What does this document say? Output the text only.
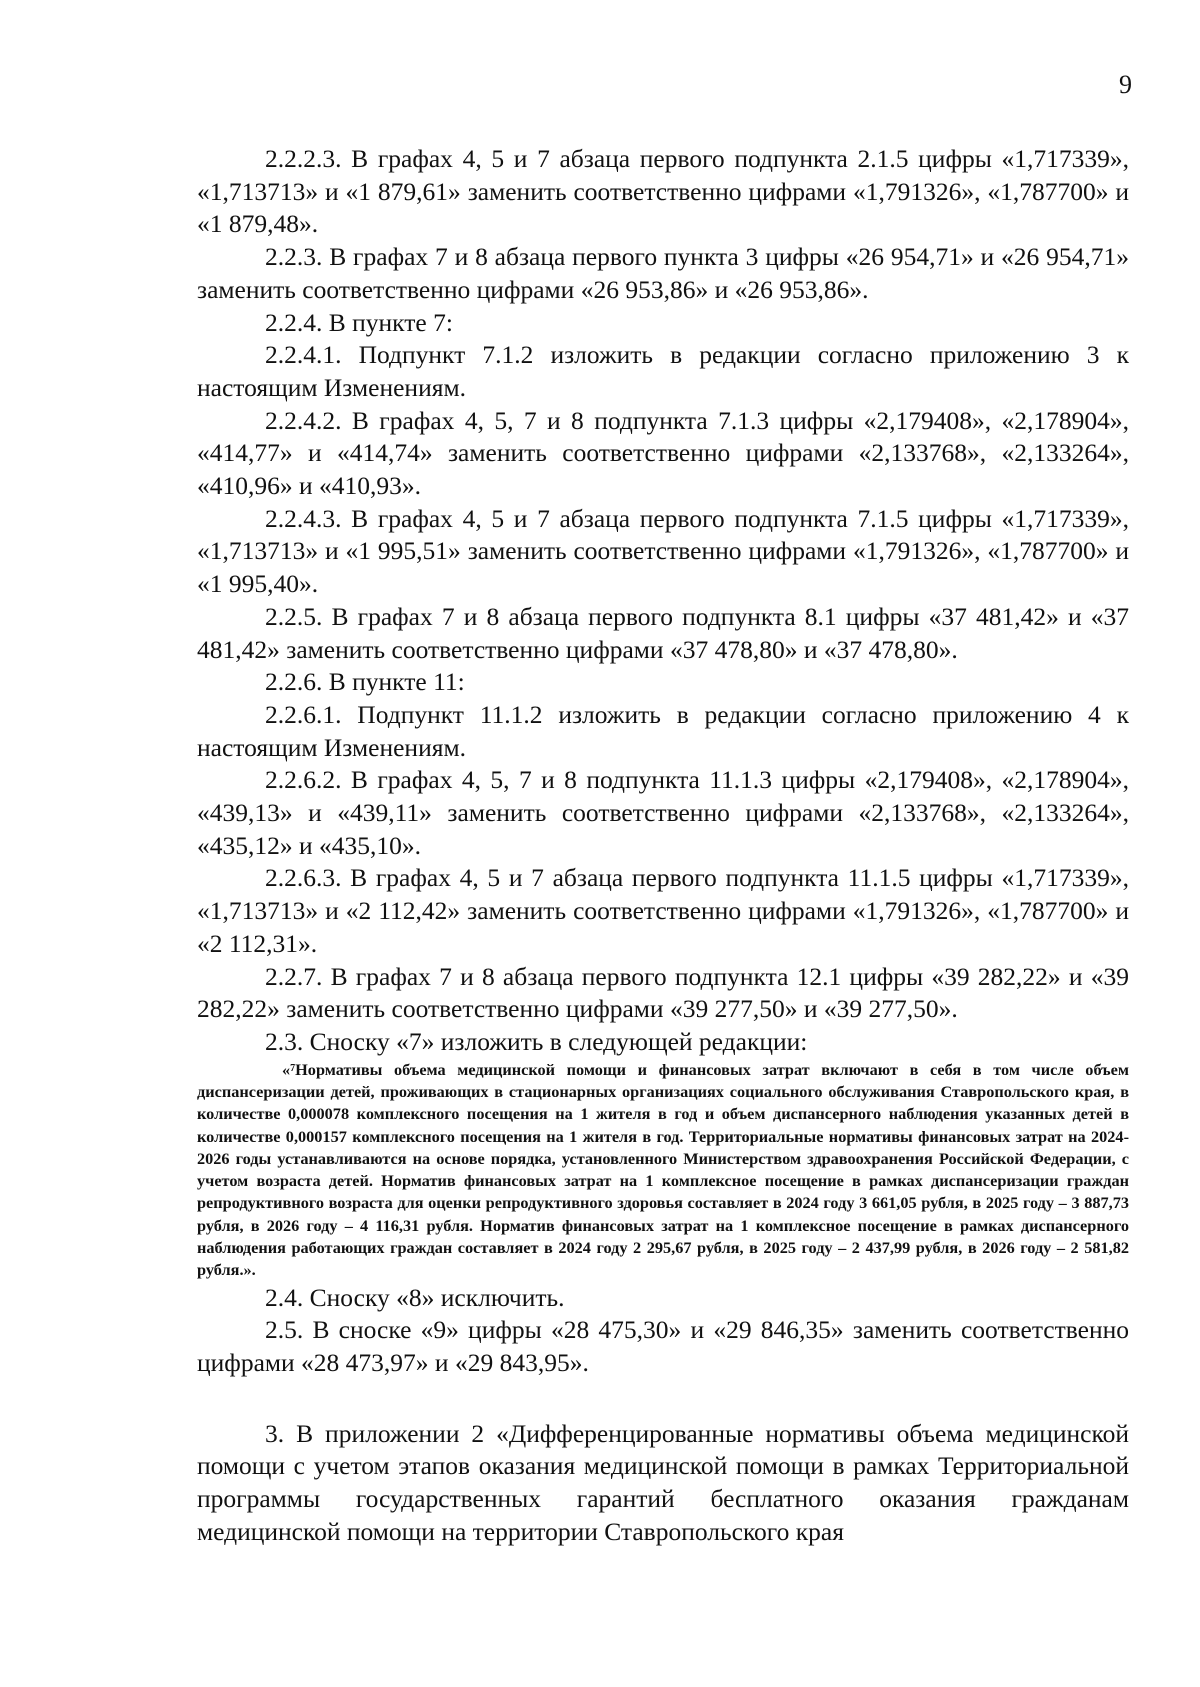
9

2.2.2.3. В графах 4, 5 и 7 абзаца первого подпункта 2.1.5 цифры «1,717339», «1,713713» и «1 879,61» заменить соответственно цифрами «1,791326», «1,787700» и «1 879,48».

2.2.3. В графах 7 и 8 абзаца первого пункта 3 цифры «26 954,71» и «26 954,71» заменить соответственно цифрами «26 953,86» и «26 953,86».

2.2.4. В пункте 7:

2.2.4.1. Подпункт 7.1.2 изложить в редакции согласно приложению 3 к настоящим Изменениям.

2.2.4.2. В графах 4, 5, 7 и 8 подпункта 7.1.3 цифры «2,179408», «2,178904», «414,77» и «414,74» заменить соответственно цифрами «2,133768», «2,133264», «410,96» и «410,93».

2.2.4.3. В графах 4, 5 и 7 абзаца первого подпункта 7.1.5 цифры «1,717339», «1,713713» и «1 995,51» заменить соответственно цифрами «1,791326», «1,787700» и «1 995,40».

2.2.5. В графах 7 и 8 абзаца первого подпункта 8.1 цифры «37 481,42» и «37 481,42» заменить соответственно цифрами «37 478,80» и «37 478,80».

2.2.6. В пункте 11:

2.2.6.1. Подпункт 11.1.2 изложить в редакции согласно приложению 4 к настоящим Изменениям.

2.2.6.2. В графах 4, 5, 7 и 8 подпункта 11.1.3 цифры «2,179408», «2,178904», «439,13» и «439,11» заменить соответственно цифрами «2,133768», «2,133264», «435,12» и «435,10».

2.2.6.3. В графах 4, 5 и 7 абзаца первого подпункта 11.1.5 цифры «1,717339», «1,713713» и «2 112,42» заменить соответственно цифрами «1,791326», «1,787700» и «2 112,31».

2.2.7. В графах 7 и 8 абзаца первого подпункта 12.1 цифры «39 282,22» и «39 282,22» заменить соответственно цифрами «39 277,50» и «39 277,50».

2.3. Сноску «7» изложить в следующей редакции:

«$^7$Нормативы объема медицинской помощи и финансовых затрат включают в себя в том числе объем диспансеризации детей, проживающих в стационарных организациях социального обслуживания Ставропольского края, в количестве 0,000078 комплексного посещения на 1 жителя в год и объем диспансерного наблюдения указанных детей в количестве 0,000157 комплексного посещения на 1 жителя в год. Территориальные нормативы финансовых затрат на 2024-2026 годы устанавливаются на основе порядка, установленного Министерством здравоохранения Российской Федерации, с учетом возраста детей. Норматив финансовых затрат на 1 комплексное посещение в рамках диспансеризации граждан репродуктивного возраста для оценки репродуктивного здоровья составляет в 2024 году 3 661,05 рубля, в 2025 году – 3 887,73 рубля, в 2026 году – 4 116,31 рубля. Норматив финансовых затрат на 1 комплексное посещение в рамках диспансерного наблюдения работающих граждан составляет в 2024 году 2 295,67 рубля, в 2025 году – 2 437,99 рубля, в 2026 году – 2 581,82 рубля.».

2.4. Сноску «8» исключить.

2.5. В сноске «9» цифры «28 475,30» и «29 846,35» заменить соответственно цифрами «28 473,97» и «29 843,95».

3. В приложении 2 «Дифференцированные нормативы объема медицинской помощи с учетом этапов оказания медицинской помощи в рамках Территориальной программы государственных гарантий бесплатного оказания гражданам медицинской помощи на территории Ставропольского края
